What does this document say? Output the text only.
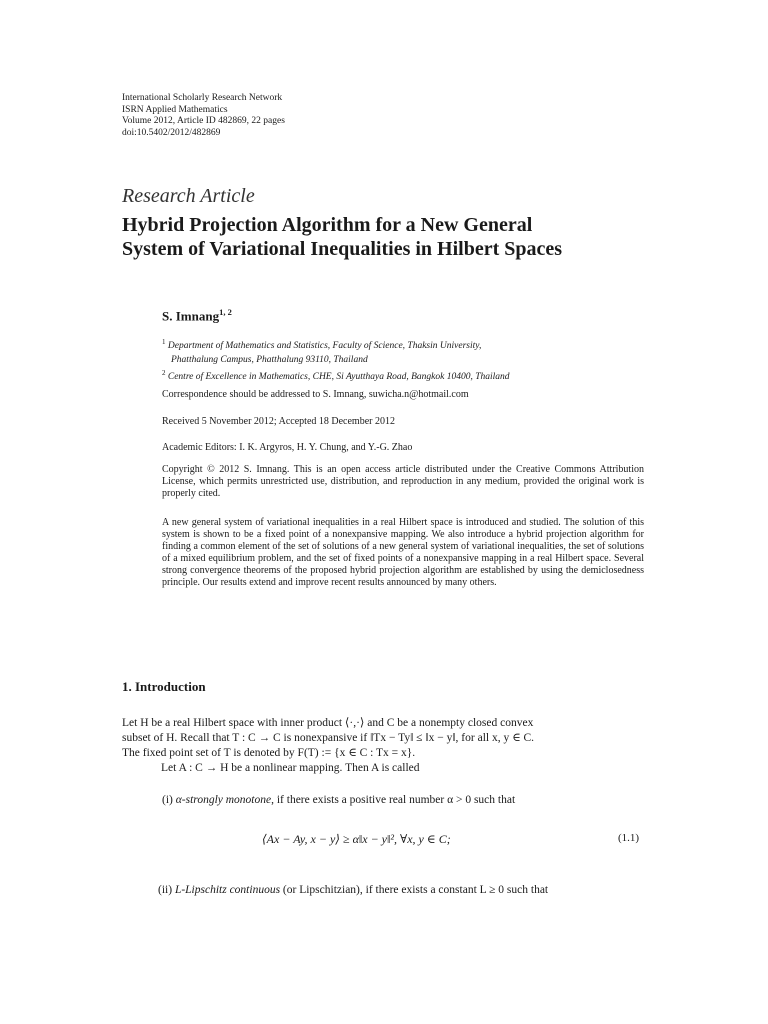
International Scholarly Research Network
ISRN Applied Mathematics
Volume 2012, Article ID 482869, 22 pages
doi:10.5402/2012/482869
Research Article
Hybrid Projection Algorithm for a New General
System of Variational Inequalities in Hilbert Spaces
S. Imnang$^{1, 2}$
$^1$ Department of Mathematics and Statistics, Faculty of Science, Thaksin University,
Phatthalung Campus, Phatthalung 93110, Thailand
$^2$ Centre of Excellence in Mathematics, CHE, Si Ayutthaya Road, Bangkok 10400, Thailand
Correspondence should be addressed to S. Imnang, suwicha.n@hotmail.com
Received 5 November 2012; Accepted 18 December 2012
Academic Editors: I. K. Argyros, H. Y. Chung, and Y.-G. Zhao
Copyright © 2012 S. Imnang. This is an open access article distributed under the Creative Commons Attribution License, which permits unrestricted use, distribution, and reproduction in any medium, provided the original work is properly cited.
A new general system of variational inequalities in a real Hilbert space is introduced and studied. The solution of this system is shown to be a fixed point of a nonexpansive mapping. We also introduce a hybrid projection algorithm for finding a common element of the set of solutions of a new general system of variational inequalities, the set of solutions of a mixed equilibrium problem, and the set of fixed points of a nonexpansive mapping in a real Hilbert space. Several strong convergence theorems of the proposed hybrid projection algorithm are established by using the demiclosedness principle. Our results extend and improve recent results announced by many others.
1. Introduction
Let H be a real Hilbert space with inner product ⟨·,·⟩ and C be a nonempty closed convex
subset of H. Recall that T : C → C is nonexpansive if ‖Tx − Ty‖ ≤ ‖x − y‖, for all x, y ∈ C.
The fixed point set of T is denoted by F(T) := {x ∈ C : Tx = x}.
Let A : C → H be a nonlinear mapping. Then A is called
(i) α-strongly monotone, if there exists a positive real number α > 0 such that
⟨Ax − Ay, x − y⟩ ≥ α‖x − y‖², ∀x, y ∈ C;	(1.1)
(ii) L-Lipschitz continuous (or Lipschitzian), if there exists a constant L ≥ 0 such that
